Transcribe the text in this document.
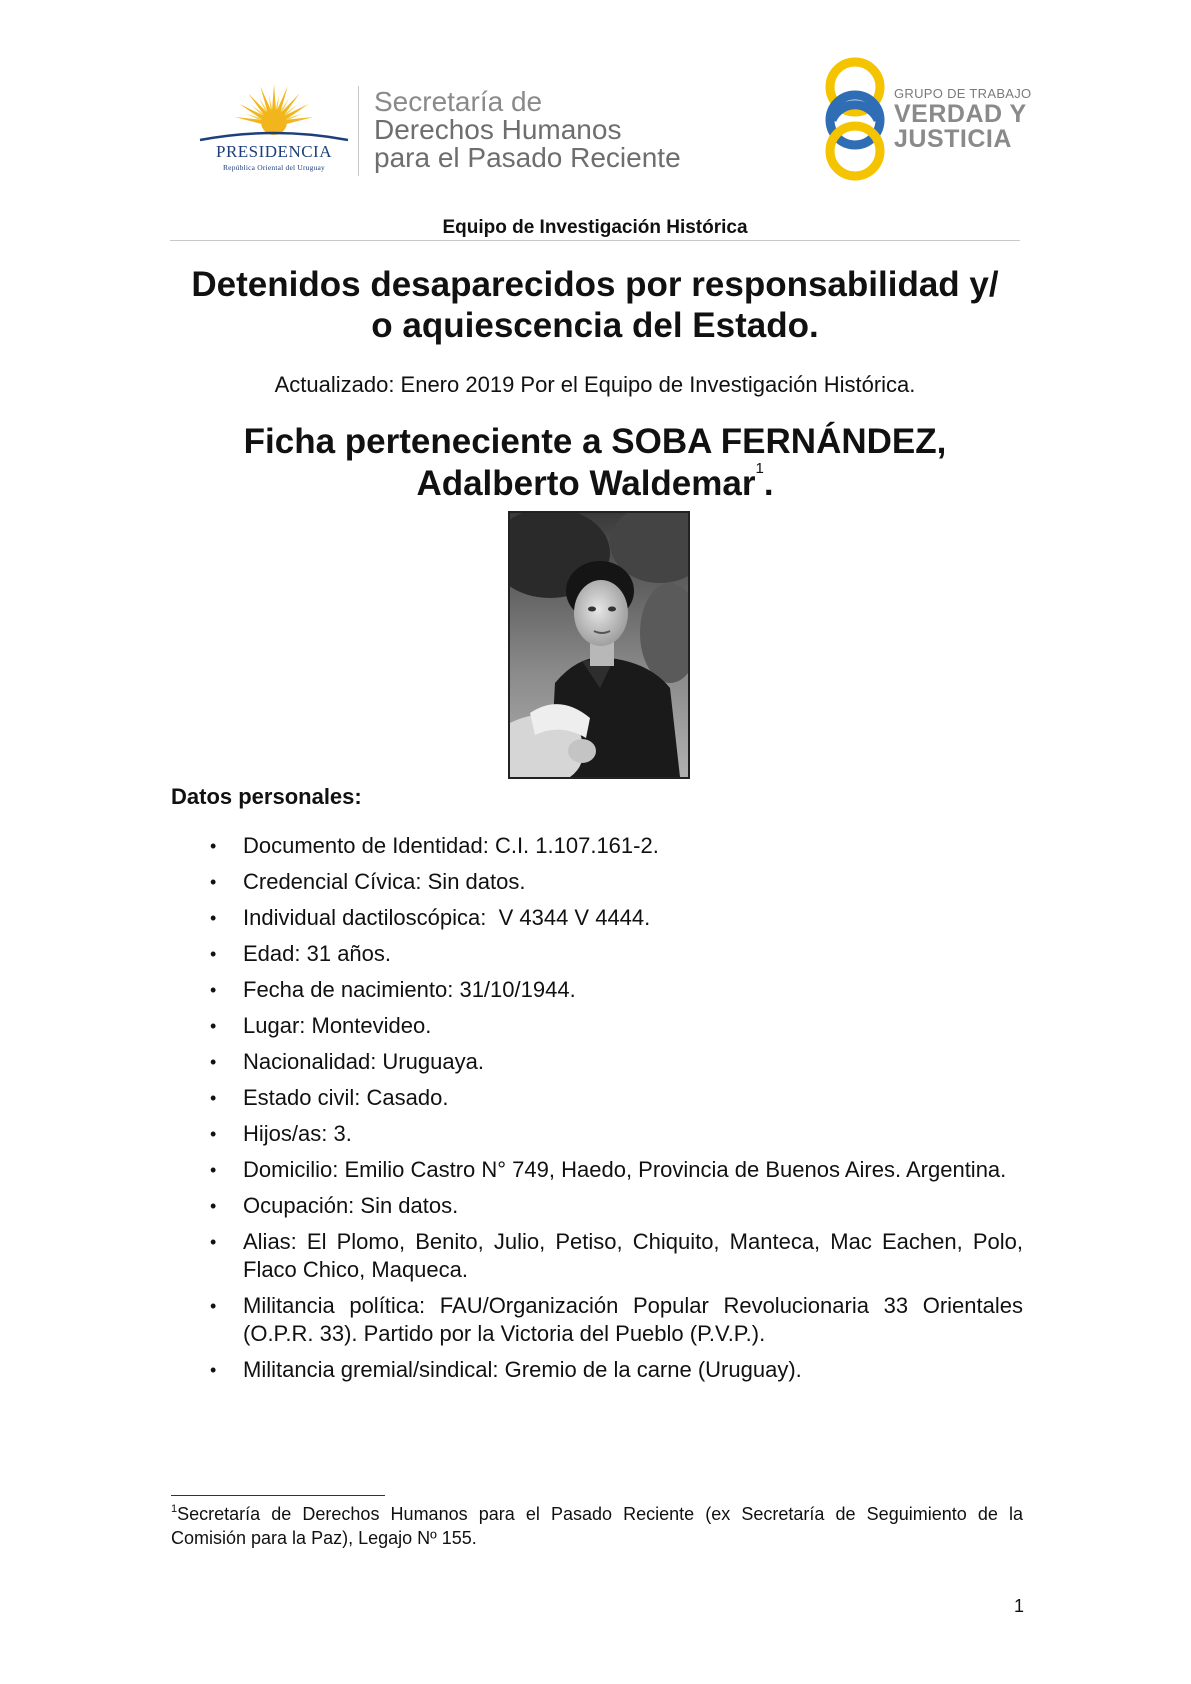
PRESIDENCIA
República Oriental del Uruguay
Secretaría de
Derechos Humanos
para el Pasado Reciente
GRUPO DE TRABAJO
VERDAD Y
JUSTICIA
Equipo de Investigación Histórica
Detenidos desaparecidos por responsabilidad y/
o aquiescencia del Estado.
Actualizado: Enero 2019 Por el Equipo de Investigación Histórica.
Ficha perteneciente a SOBA FERNÁNDEZ,
Adalberto Waldemar$^1$.
Datos personales:
• Documento de Identidad: C.I. 1.107.161-2.
• Credencial Cívica: Sin datos.
• Individual dactiloscópica:  V 4344 V 4444.
• Edad: 31 años.
• Fecha de nacimiento: 31/10/1944.
• Lugar: Montevideo.
• Nacionalidad: Uruguaya.
• Estado civil: Casado.
• Hijos/as: 3.
• Domicilio: Emilio Castro N° 749, Haedo, Provincia de Buenos Aires. Argentina.
• Ocupación: Sin datos.
• Alias: El Plomo, Benito, Julio, Petiso, Chiquito, Manteca, Mac Eachen, Polo, Flaco Chico, Maqueca.
• Militancia política: FAU/Organización Popular Revolucionaria 33 Orientales (O.P.R. 33). Partido por la Victoria del Pueblo (P.V.P.).
• Militancia gremial/sindical: Gremio de la carne (Uruguay).
$^1$Secretaría de Derechos Humanos para el Pasado Reciente (ex Secretaría de Seguimiento de la Comisión para la Paz), Legajo Nº 155.
1
